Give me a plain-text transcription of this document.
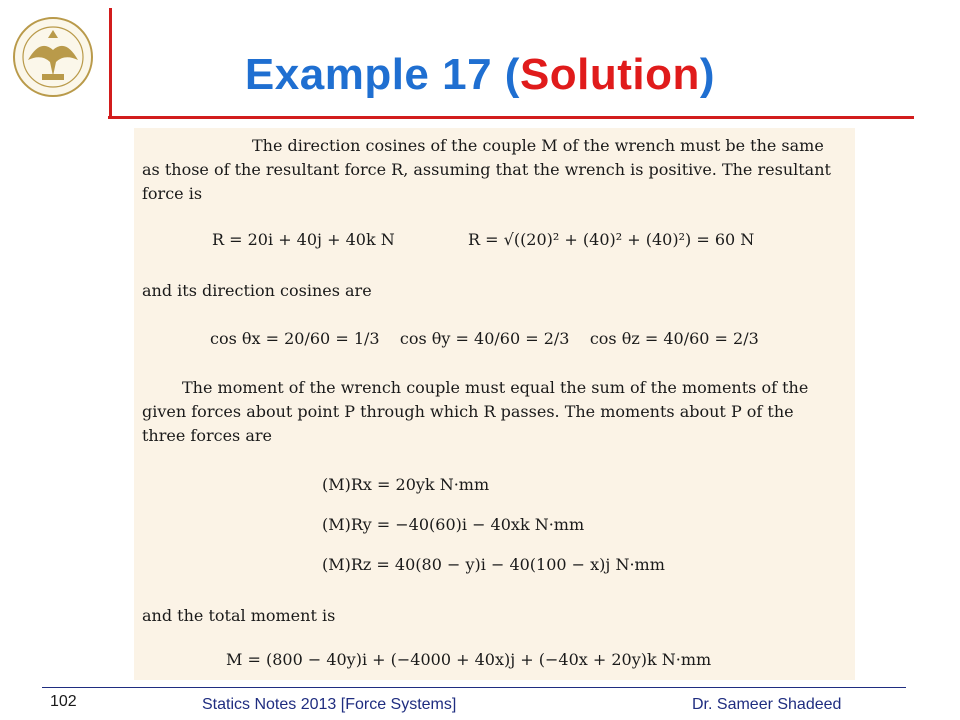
Example 17 (Solution)
The direction cosines of the couple M of the wrench must be the same as those of the resultant force R, assuming that the wrench is positive. The resultant force is
R = 20i + 40j + 40k N	R = √((20)² + (40)² + (40)²) = 60 N
and its direction cosines are
cos θx = 20/60 = 1/3    cos θy = 40/60 = 2/3    cos θz = 40/60 = 2/3
The moment of the wrench couple must equal the sum of the moments of the given forces about point P through which R passes. The moments about P of the three forces are
(M)Rx = 20yk N·mm
(M)Ry = −40(60)i − 40xk N·mm
(M)Rz = 40(80 − y)i − 40(100 − x)j N·mm
and the total moment is
M = (800 − 40y)i + (−4000 + 40x)j + (−40x + 20y)k N·mm
102	Statics Notes 2013 [Force Systems]	Dr. Sameer Shadeed
